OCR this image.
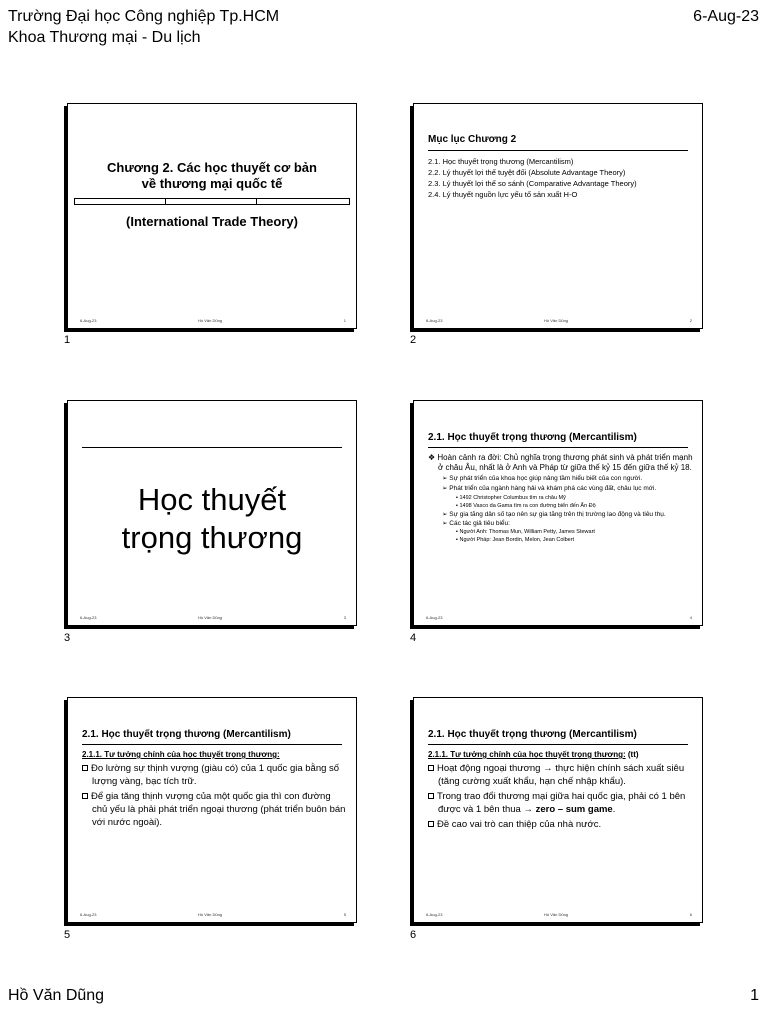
Trường Đại học Công nghiệp Tp.HCM
Khoa Thương mại - Du lịch
6-Aug-23
Chương 2. Các học thuyết cơ bản
về thương mại quốc tế
(International Trade Theory)
6-Aug-23	Hồ Văn Dũng	1
1
Mục lục Chương 2
2.1. Học thuyết trọng thương (Mercantilism)
2.2. Lý thuyết lợi thế tuyệt đối (Absolute Advantage Theory)
2.3. Lý thuyết lợi thế so sánh (Comparative Advantage Theory)
2.4. Lý thuyết nguồn lực yếu tố sản xuất H-O
6-Aug-23	Hồ Văn Dũng	2
2
Học thuyết
trọng thương
6-Aug-23	Hồ Văn Dũng	3
3
2.1. Học thuyết trọng thương (Mercantilism)
❖ Hoàn cảnh ra đời: Chủ nghĩa trọng thương phát sinh và phát triển mạnh ở châu Âu, nhất là ở Anh và Pháp từ giữa thế kỷ 15 đến giữa thế kỷ 18.
➢ Sự phát triển của khoa học giúp nâng tầm hiểu biết của con người.
➢ Phát triển của ngành hàng hải và khám phá các vùng đất, châu lục mới.
▪ 1492 Christopher Columbus tìm ra châu Mỹ
▪ 1498 Vasco da Gama tìm ra con đường biển đến Ấn Độ
➢ Sự gia tăng dân số tạo nên sự gia tăng trên thị trường lao động và tiêu thụ.
➢ Các tác giả tiêu biểu:
▪ Người Anh: Thomas Mun, William Petty, James Stewart
▪ Người Pháp: Jean Bordin, Melon, Jean Colbert
6-Aug-23	4
4
2.1. Học thuyết trọng thương (Mercantilism)
2.1.1. Tư tưởng chính của học thuyết trọng thương:
Đo lường sự thịnh vượng (giàu có) của 1 quốc gia bằng số lượng vàng, bạc tích trữ.
Để gia tăng thịnh vượng của một quốc gia thì con đường chủ yếu là phải phát triển ngoại thương (phát triển buôn bán với nước ngoài).
6-Aug-23	Hồ Văn Dũng	5
5
2.1. Học thuyết trọng thương (Mercantilism)
2.1.1. Tư tưởng chính của học thuyết trọng thương: (tt)
Hoạt động ngoại thương → thực hiện chính sách xuất siêu (tăng cường xuất khẩu, hạn chế nhập khẩu).
Trong trao đổi thương mại giữa hai quốc gia, phải có 1 bên được và 1 bên thua → zero – sum game.
Đề cao vai trò can thiệp của nhà nước.
6-Aug-23	Hồ Văn Dũng	6
6
Hồ Văn Dũng	1
